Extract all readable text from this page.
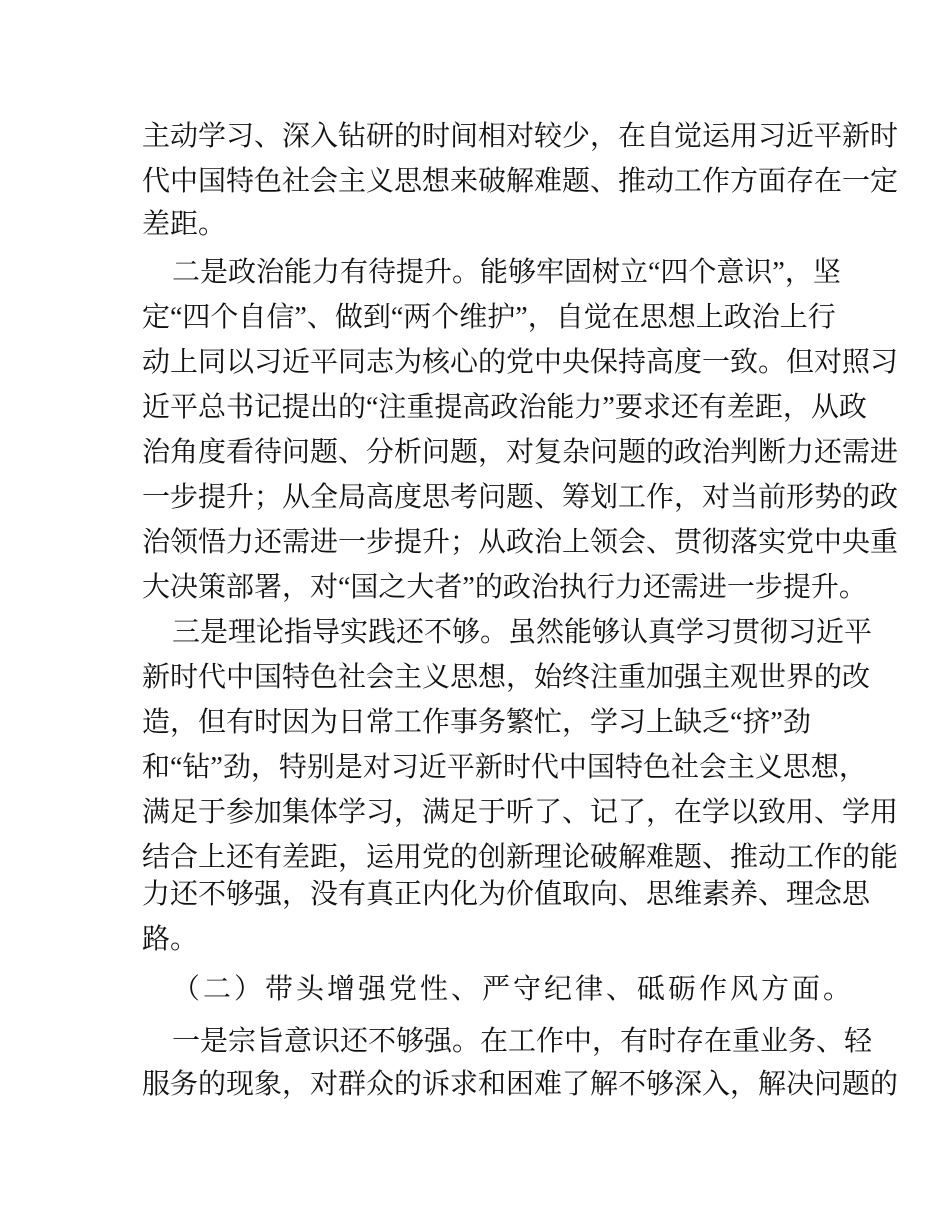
主动学习、深入钻研的时间相对较少，在自觉运用习近平新时
代中国特色社会主义思想来破解难题、推动工作方面存在一定
差距。
二是政治能力有待提升。能够牢固树立“四个意识”，坚
定“四个自信”、做到“两个维护”，自觉在思想上政治上行
动上同以习近平同志为核心的党中央保持高度一致。但对照习
近平总书记提出的“注重提高政治能力”要求还有差距，从政
治角度看待问题、分析问题，对复杂问题的政治判断力还需进
一步提升；从全局高度思考问题、筹划工作，对当前形势的政
治领悟力还需进一步提升；从政治上领会、贯彻落实党中央重
大决策部署，对“国之大者”的政治执行力还需进一步提升。
三是理论指导实践还不够。虽然能够认真学习贯彻习近平
新时代中国特色社会主义思想，始终注重加强主观世界的改
造，但有时因为日常工作事务繁忙，学习上缺乏“挤”劲
和“钻”劲，特别是对习近平新时代中国特色社会主义思想，
满足于参加集体学习，满足于听了、记了，在学以致用、学用
结合上还有差距，运用党的创新理论破解难题、推动工作的能
力还不够强，没有真正内化为价值取向、思维素养、理念思
路。
（二）带头增强党性、严守纪律、砥砺作风方面。
一是宗旨意识还不够强。在工作中，有时存在重业务、轻
服务的现象，对群众的诉求和困难了解不够深入，解决问题的
